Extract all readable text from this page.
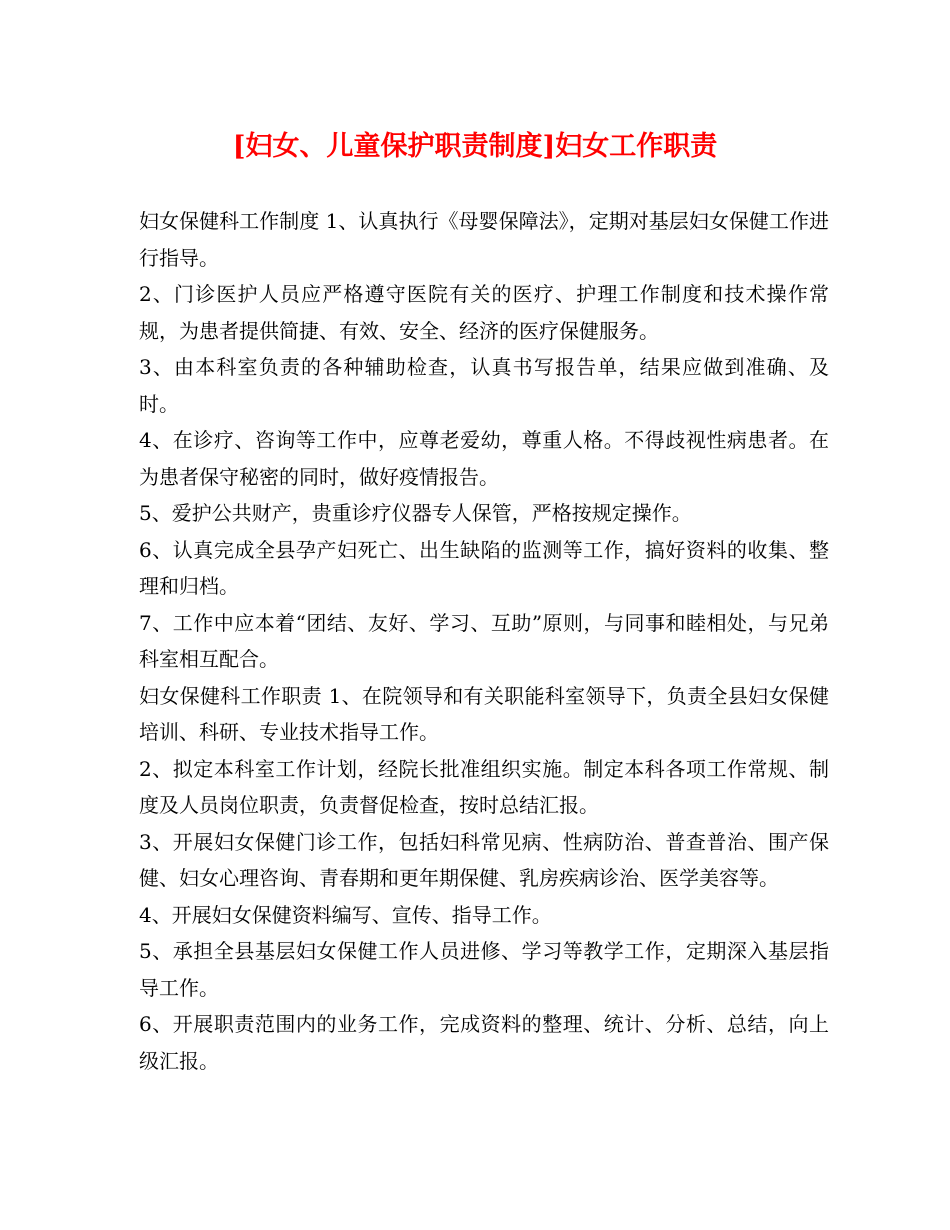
[妇女、儿童保护职责制度]妇女工作职责

妇女保健科工作制度 1、认真执行《母婴保障法》，定期对基层妇女保健工作进行指导。

2、门诊医护人员应严格遵守医院有关的医疗、护理工作制度和技术操作常规，为患者提供简捷、有效、安全、经济的医疗保健服务。

3、由本科室负责的各种辅助检查，认真书写报告单，结果应做到准确、及时。

4、在诊疗、咨询等工作中，应尊老爱幼，尊重人格。不得歧视性病患者。在为患者保守秘密的同时，做好疫情报告。

5、爱护公共财产，贵重诊疗仪器专人保管，严格按规定操作。

6、认真完成全县孕产妇死亡、出生缺陷的监测等工作，搞好资料的收集、整理和归档。

7、工作中应本着“团结、友好、学习、互助”原则，与同事和睦相处，与兄弟科室相互配合。

妇女保健科工作职责 1、在院领导和有关职能科室领导下，负责全县妇女保健培训、科研、专业技术指导工作。

2、拟定本科室工作计划，经院长批准组织实施。制定本科各项工作常规、制度及人员岗位职责，负责督促检查，按时总结汇报。

3、开展妇女保健门诊工作，包括妇科常见病、性病防治、普查普治、围产保健、妇女心理咨询、青春期和更年期保健、乳房疾病诊治、医学美容等。

4、开展妇女保健资料编写、宣传、指导工作。

5、承担全县基层妇女保健工作人员进修、学习等教学工作，定期深入基层指导工作。

6、开展职责范围内的业务工作，完成资料的整理、统计、分析、总结，向上级汇报。
